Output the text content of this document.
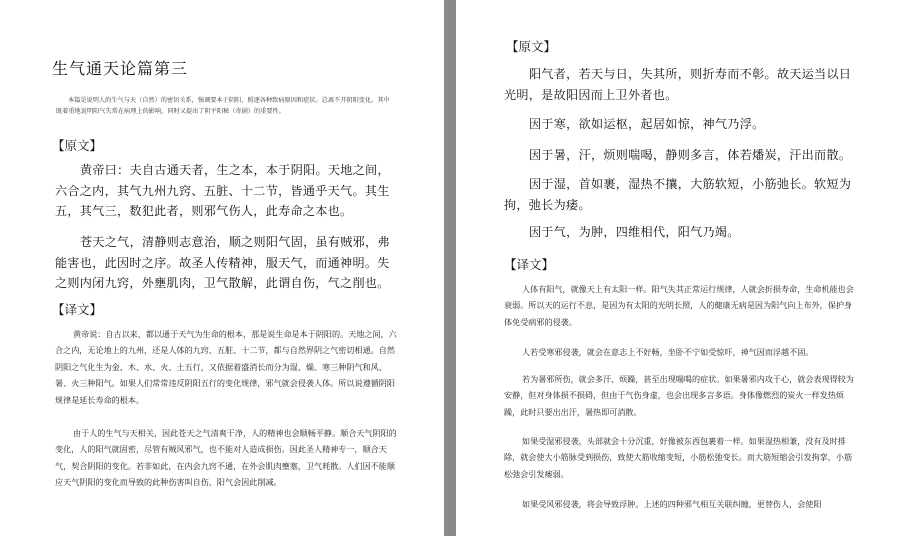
生气通天论篇第三

本篇是说明人的生气与天（自然）的密切关系，强调要本于阴阳，照逐各种致病原因和症状。总离不开阴阳变化。其中既着重地说明阳气失常在病理上的影响，同时又提出了阴平阳秘（奇剧）的重要性。

【原文】

黄帝曰：夫自古通天者，生之本，本于阴阳。天地之间，六合之内，其气九州九窍、五脏、十二节，皆通乎天气。其生五，其气三，数犯此者，则邪气伤人，此寿命之本也。

苍天之气，清静则志意治，顺之则阳气固，虽有贼邪，弗能害也，此因时之序。故圣人传精神，服天气，而通神明。失之则内闭九窍，外壅肌肉，卫气散解，此谓自伤，气之削也。

【译文】

黄帝说：自古以来，都以通于天气为生命的根本，那是说生命是本于阴阳的。天地之间，六合之内，无论地上的九州，还是人体的九窍、五脏、十二节，都与自然界阴之气密切相通。自然阴阳之气化生为金、木、水、火、土五行，又依据着盛消长而分为湿、燥、寒三种阴气和风、暑、火三种阳气。如果人们常常违反阴阳五行的变化规律，邪气就会侵袭人体。所以说遵循阴阳规律是延长寿命的根本。

由于人的生气与天相关，因此苍天之气清爽干净，人的精神也会顺畅平静。顺合天气阴阳的变化，人的阳气就固密，尽管有贼风邪气，也不能对人造成损伤。因此圣人精神专一，顺合天气，契合阴阳的变化。若非如此，在内会九窍不通，在外会肌肉壅塞，卫气耗散。人们因不能顺应天气阴阳的变化而导致的此种伤害叫自伤，阳气会因此削减。

【原文】

阳气者，若天与日，失其所，则折寿而不彰。故天运当以日光明，是故阳因而上卫外者也。

因于寒，欲如运枢，起居如惊，神气乃浮。

因于暑，汗，烦则喘喝，静则多言，体若燔炭，汗出而散。

因于湿，首如裹，湿热不攘，大筋软短，小筋弛长。软短为拘，弛长为痿。

因于气，为肿，四维相代，阳气乃竭。

【译文】

人体有阳气，就像天上有太阳一样。阳气失其正常运行规律，人就会折损寿命，生命机能也会衰弱。所以天的运行不息，是因为有太阳的光明长照，人的健康无病是因为阳气向上布外，保护身体免受病邪的侵袭。

人若受寒邪侵袭，就会在意志上不好畅，坐卧不宁如受惊吓，神气因而浮越不固。

若为暑邪所伤，就会多汗、烦躁，甚至出现喘喝的症状。如果暑邪内攻于心，就会表现得较为安静，但对身体损不损碍，但由于气伤身虚，也会出现多言多语。身体像燃烈的炭火一样发热烦躁，此时只要出出汗，暑热即可消散。

如果受湿邪侵袭，头部就会十分沉重，好像被东西包裹着一样。如果湿热相兼，没有及时排除，就会使大小筋脉受到损伤，致使大筋收缩变短，小筋松弛变长。而大筋短缩会引发拘挛，小筋松弛会引发痿弱。

如果受风邪侵袭，将会导致浮肿。上述的四种邪气相互关联纠缠，更替伤人，会使阳
